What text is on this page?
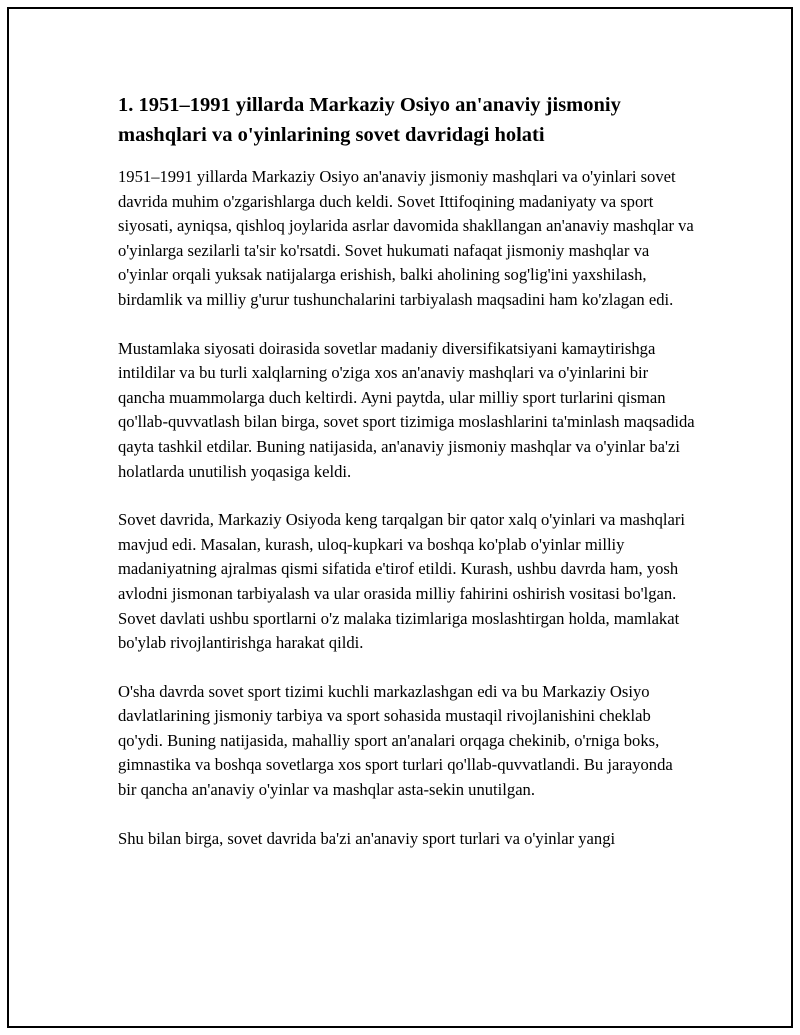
1. 1951–1991 yillarda Markaziy Osiyo an'anaviy jismoniy mashqlari va o'yinlarining sovet davridagi holati

1951–1991 yillarda Markaziy Osiyo an'anaviy jismoniy mashqlari va o'yinlari sovet davrida muhim o'zgarishlarga duch keldi. Sovet Ittifoqining madaniyaty va sport siyosati, ayniqsa, qishloq joylarida asrlar davomida shakllangan an'anaviy mashqlar va o'yinlarga sezilarli ta'sir ko'rsatdi. Sovet hukumati nafaqat jismoniy mashqlar va o'yinlar orqali yuksak natijalarga erishish, balki aholining sog'lig'ini yaxshilash, birdamlik va milliy g'urur tushunchalarini tarbiyalash maqsadini ham ko'zlagan edi.

Mustamlaka siyosati doirasida sovetlar madaniy diversifikatsiyani kamaytirishga intildilar va bu turli xalqlarning o'ziga xos an'anaviy mashqlari va o'yinlarini bir qancha muammolarga duch keltirdi. Ayni paytda, ular milliy sport turlarini qisman qo'llab-quvvatlash bilan birga, sovet sport tizimiga moslashlarini ta'minlash maqsadida qayta tashkil etdilar. Buning natijasida, an'anaviy jismoniy mashqlar va o'yinlar ba'zi holatlarda unutilish yoqasiga keldi.

Sovet davrida, Markaziy Osiyoda keng tarqalgan bir qator xalq o'yinlari va mashqlari mavjud edi. Masalan, kurash, uloq-kupkari va boshqa ko'plab o'yinlar milliy madaniyatning ajralmas qismi sifatida e'tirof etildi. Kurash, ushbu davrda ham, yosh avlodni jismonan tarbiyalash va ular orasida milliy fahirini oshirish vositasi bo'lgan. Sovet davlati ushbu sportlarni o'z malaka tizimlariga moslashtirgan holda, mamlakat bo'ylab rivojlantirishga harakat qildi.

O'sha davrda sovet sport tizimi kuchli markazlashgan edi va bu Markaziy Osiyo davlatlarining jismoniy tarbiya va sport sohasida mustaqil rivojlanishini cheklab qo'ydi. Buning natijasida, mahalliy sport an'analari orqaga chekinib, o'rniga boks, gimnastika va boshqa sovetlarga xos sport turlari qo'llab-quvvatlandi. Bu jarayonda bir qancha an'anaviy o'yinlar va mashqlar asta-sekin unutilgan.

Shu bilan birga, sovet davrida ba'zi an'anaviy sport turlari va o'yinlar yangi
